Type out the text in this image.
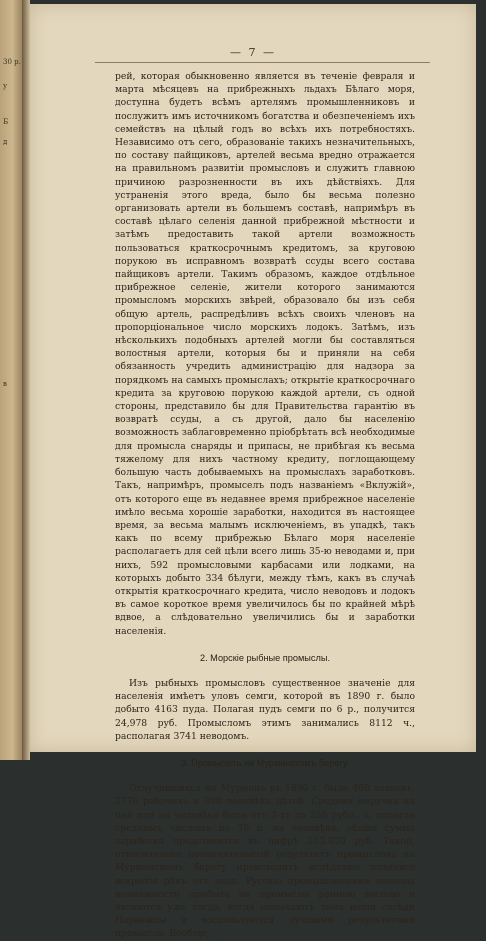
30 р.
у
Б
д
в
— 7 —

рей, которая обыкновенно является въ теченіе февраля и марта мѣсяцевъ на прибрежныхъ льдахъ Бѣлаго моря, доступна будетъ всѣмъ артелямъ промышленниковъ и послужитъ имъ источникомъ богатства и обезпеченіемъ ихъ семействъ на цѣлый годъ во всѣхъ ихъ потребностяхъ. Независимо отъ сего, образованіе такихъ незначительныхъ, по составу пайщиковъ, артелей весьма вредно отражается на правильномъ развитіи промысловъ и служитъ главною причиною разрозненности въ ихъ дѣйствіяхъ. Для устраненія этого вреда, было бы весьма полезно организовать артели въ большемъ составѣ, напримѣръ въ составѣ цѣлаго селенія данной прибрежной мѣстности и затѣмъ предоставить такой артели возможность пользоваться краткосрочнымъ кредитомъ, за круговою порукою въ исправномъ возвратѣ ссуды всего состава пайщиковъ артели. Такимъ образомъ, каждое отдѣльное прибрежное селеніе, жители которого занимаются промысломъ морскихъ звѣрей, образовало бы изъ себя общую артель, распредѣливъ всѣхъ своихъ членовъ на пропорціональное число морскихъ лодокъ. Затѣмъ, изъ нѣсколькихъ подобныхъ артелей могли бы составляться волостныя артели, которыя бы и приняли на себя обязанность учредить администрацію для надзора за порядкомъ на самыхъ промыслахъ; открытіе краткосрочнаго кредита за круговою порукою каждой артели, съ одной стороны, представило бы для Правительства гарантію въ возвратѣ ссуды, а съ другой, дало бы населенію возможность заблаговременно пріобрѣтать всѣ необходимые для промысла снаряды и припасы, не прибѣгая къ весьма тяжелому для нихъ частному кредиту, поглощающему большую часть добываемыхъ на промыслахъ заработковъ. Такъ, напримѣръ, промыселъ подъ названіемъ «Вклужій», отъ которого еще въ недавнее время прибрежное населеніе имѣло весьма хорошіе заработки, находится въ настоящее время, за весьма малымъ исключеніемъ, въ упадкѣ, такъ какъ по всему прибрежью Бѣлаго моря населеніе располагаетъ для сей цѣли всего лишь 35-ю неводами и, при нихъ, 592 промысловыми карбасами или лодками, на которыхъ добыто 334 бѣлуги, между тѣмъ, какъ въ случаѣ открытія краткосрочнаго кредита, число неводовъ и лодокъ въ самое короткое время увеличилось бы по крайней мѣрѣ вдвое, а слѣдовательно увеличились бы и заработки населенія.

2. Морскіе рыбные промыслы.

Изъ рыбныхъ промысловъ существенное значеніе для населенія имѣетъ уловъ семги, которой въ 1890 г. было добыто 4163 пуда. Полагая пудъ семги по 6 р., получится 24,978 руб. Промысломъ этимъ занимались 8112 ч., располагая 3741 неводомъ.

3. Промыселъ на Мурманскомъ берегу.

Отлучившихся на Мурманъ въ 1890 г. было 460 хозяевъ, 2776 рабочихъ и 390 человѣкъ дѣтей. Средняя выручка на пай или на человѣка была отъ 3-хъ до 250 рубл., а, полагая среднимъ числомъ по 70 р. на человѣка, общая сумма заработка представится въ цифрѣ 253.820 руб. Такой, относительно незначительный результатъ промысловъ на Мурманскомъ берегу происходитъ вслѣдствіе поздняго вскрытія рѣкъ отъ льда. Русскіе промышленники лишены возможности прибыть на промыслы раннею весною и являются уже тогда, когда пооыкаютъ тамъ наши сосѣди Норвежцы и воспользуются лучшими результатами промысла. Вообще,
